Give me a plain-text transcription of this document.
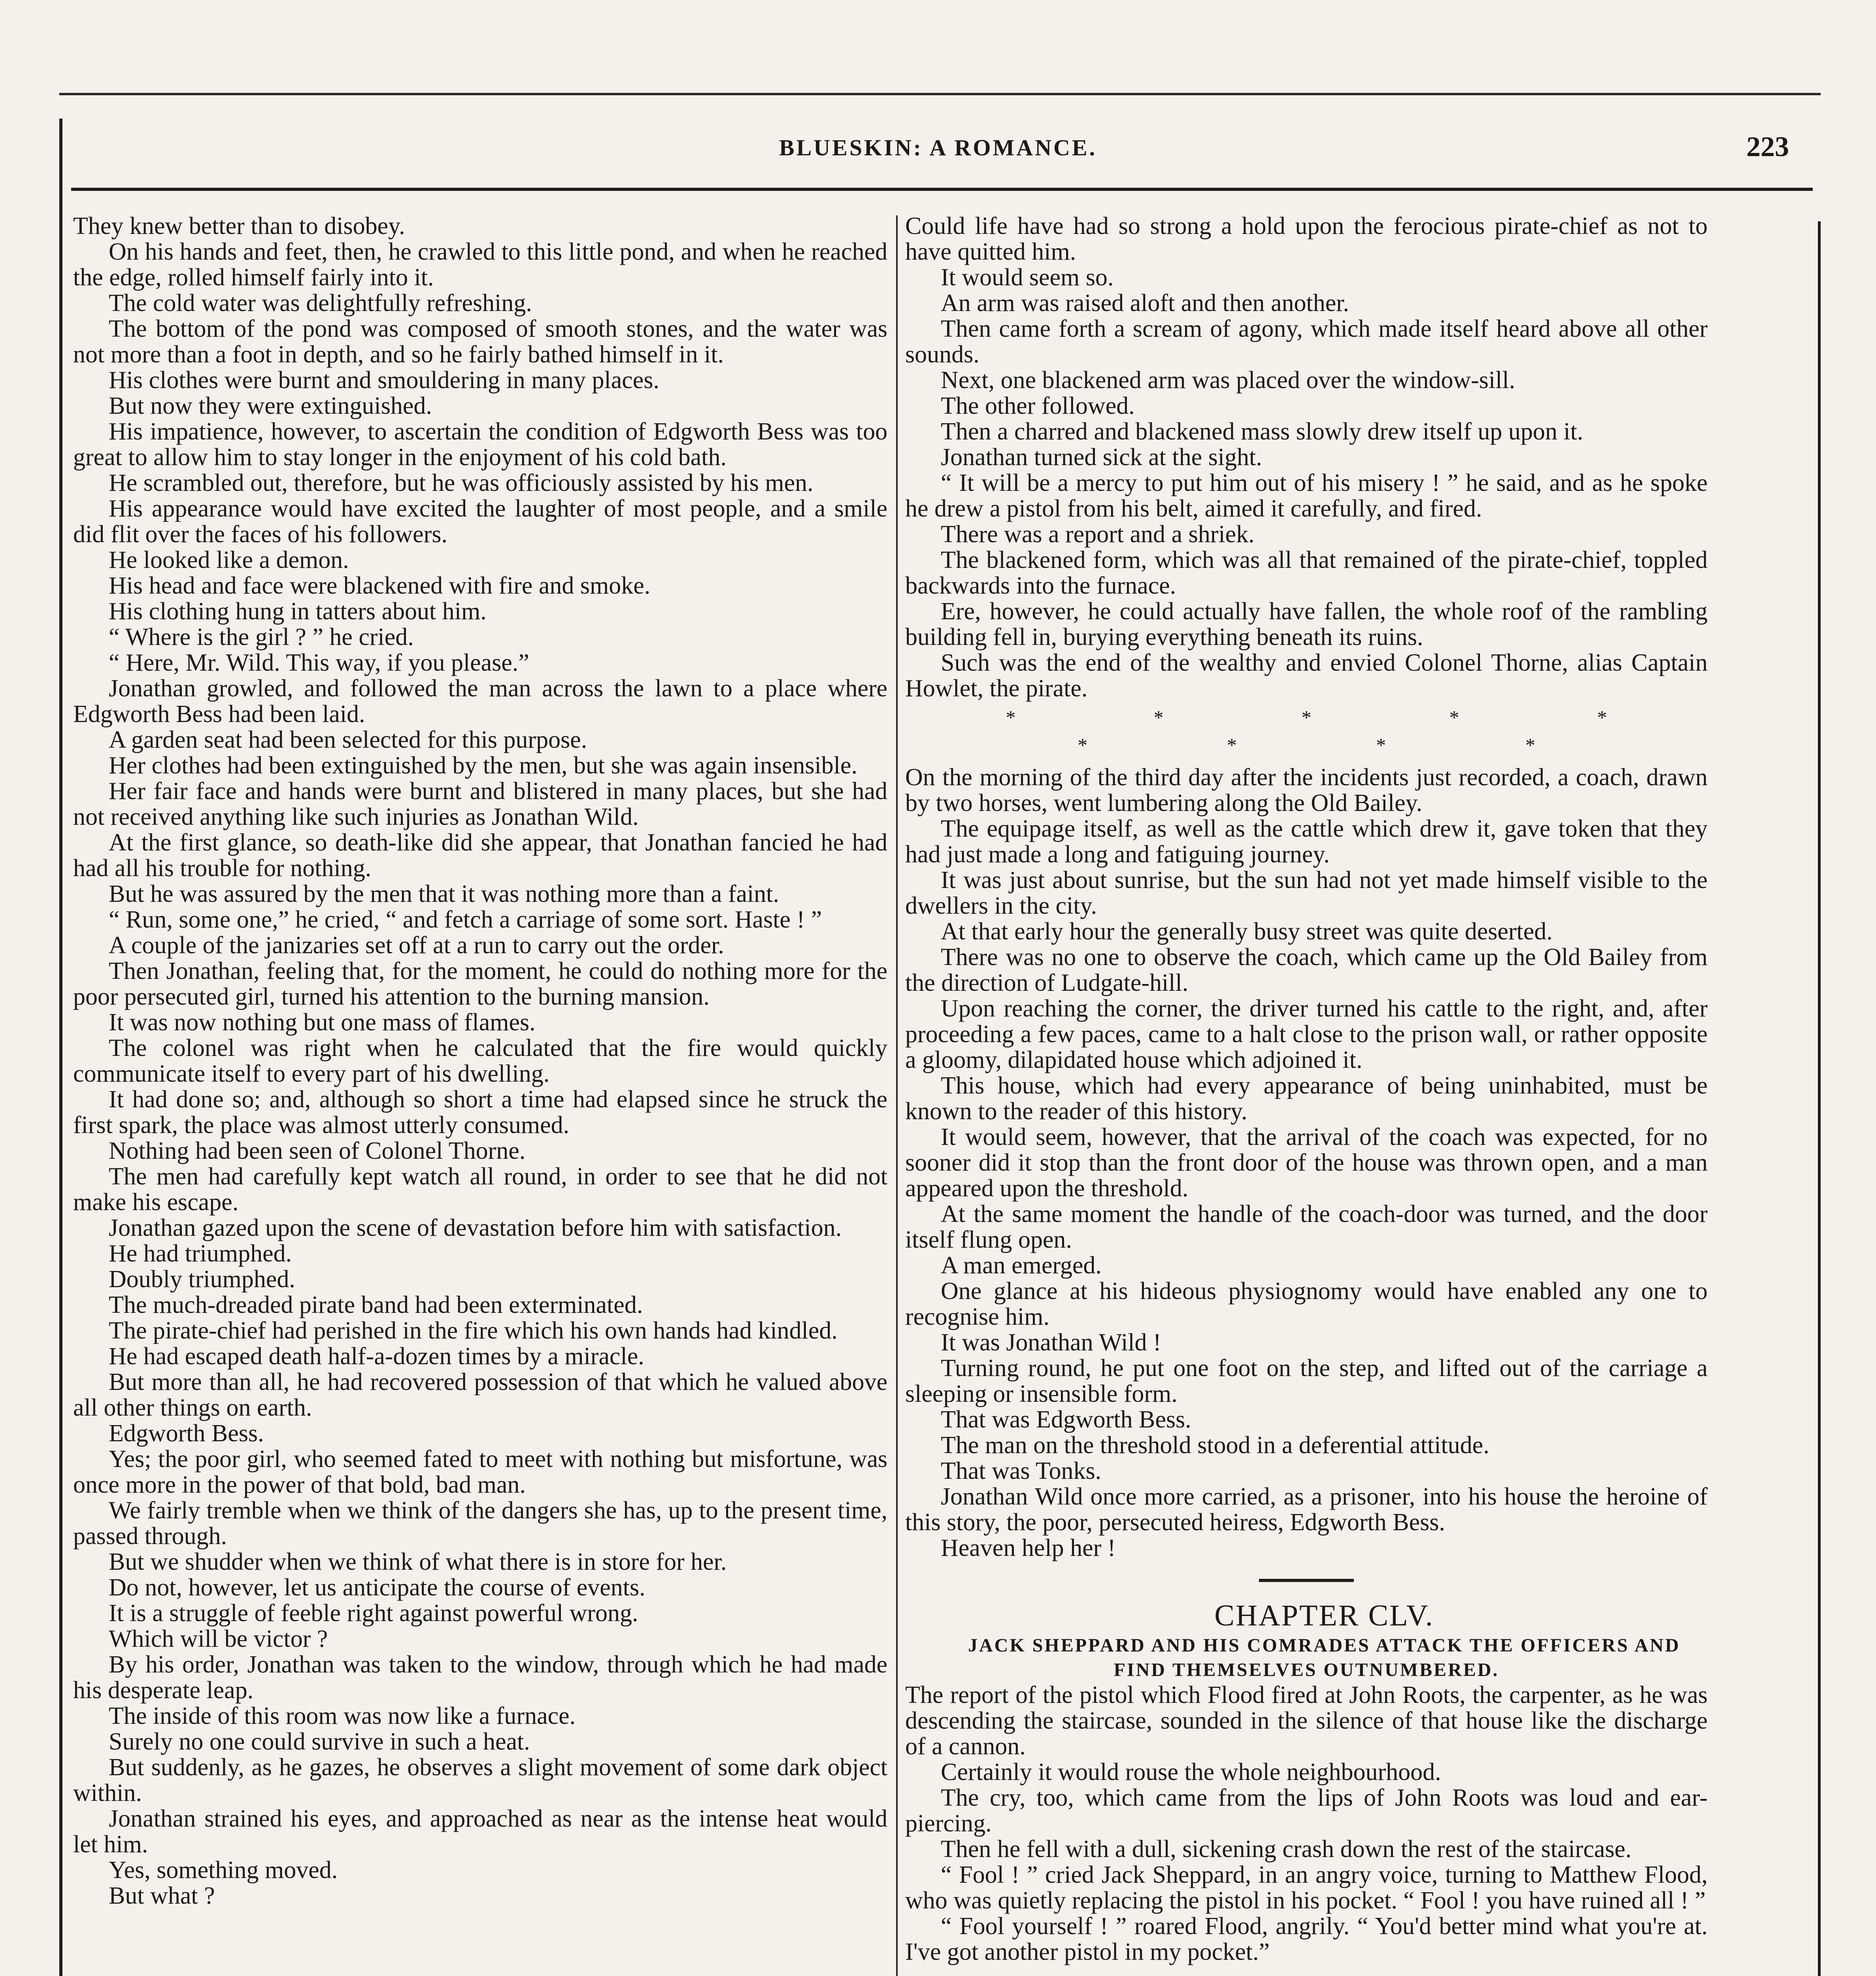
BLUESKIN: A ROMANCE.	223

They knew better than to disobey.

On his hands and feet, then, he crawled to this little pond, and when he reached the edge, rolled himself fairly into it.

The cold water was delightfully refreshing.

The bottom of the pond was composed of smooth stones, and the water was not more than a foot in depth, and so he fairly bathed himself in it.

His clothes were burnt and smouldering in many places.

But now they were extinguished.

His impatience, however, to ascertain the condition of Edgworth Bess was too great to allow him to stay longer in the enjoyment of his cold bath.

He scrambled out, therefore, but he was officiously assisted by his men.

His appearance would have excited the laughter of most people, and a smile did flit over the faces of his followers.

He looked like a demon.

His head and face were blackened with fire and smoke.

His clothing hung in tatters about him.

“ Where is the girl ? ” he cried.

“ Here, Mr. Wild. This way, if you please.”

Jonathan growled, and followed the man across the lawn to a place where Edgworth Bess had been laid.

A garden seat had been selected for this purpose.

Her clothes had been extinguished by the men, but she was again insensible.

Her fair face and hands were burnt and blistered in many places, but she had not received anything like such injuries as Jonathan Wild.

At the first glance, so death-like did she appear, that Jonathan fancied he had had all his trouble for nothing.

But he was assured by the men that it was nothing more than a faint.

“ Run, some one,” he cried, “ and fetch a carriage of some sort. Haste ! ”

A couple of the janizaries set off at a run to carry out the order.

Then Jonathan, feeling that, for the moment, he could do nothing more for the poor persecuted girl, turned his attention to the burning mansion.

It was now nothing but one mass of flames.

The colonel was right when he calculated that the fire would quickly communicate itself to every part of his dwelling.

It had done so; and, although so short a time had elapsed since he struck the first spark, the place was almost utterly consumed.

Nothing had been seen of Colonel Thorne.

The men had carefully kept watch all round, in order to see that he did not make his escape.

Jonathan gazed upon the scene of devastation before him with satisfaction.

He had triumphed.

Doubly triumphed.

The much-dreaded pirate band had been exterminated.

The pirate-chief had perished in the fire which his own hands had kindled.

He had escaped death half-a-dozen times by a miracle.

But more than all, he had recovered possession of that which he valued above all other things on earth.

Edgworth Bess.

Yes; the poor girl, who seemed fated to meet with nothing but misfortune, was once more in the power of that bold, bad man.

We fairly tremble when we think of the dangers she has, up to the present time, passed through.

But we shudder when we think of what there is in store for her.

Do not, however, let us anticipate the course of events.

It is a struggle of feeble right against powerful wrong.

Which will be victor ?

By his order, Jonathan was taken to the window, through which he had made his desperate leap.

The inside of this room was now like a furnace.

Surely no one could survive in such a heat.

But suddenly, as he gazes, he observes a slight movement of some dark object within.

Jonathan strained his eyes, and approached as near as the intense heat would let him.

Yes, something moved.

But what ?

Could life have had so strong a hold upon the ferocious pirate-chief as not to have quitted him.

It would seem so.

An arm was raised aloft and then another.

Then came forth a scream of agony, which made itself heard above all other sounds.

Next, one blackened arm was placed over the window-sill.

The other followed.

Then a charred and blackened mass slowly drew itself up upon it.

Jonathan turned sick at the sight.

“ It will be a mercy to put him out of his misery ! ” he said, and as he spoke he drew a pistol from his belt, aimed it carefully, and fired.

There was a report and a shriek.

The blackened form, which was all that remained of the pirate-chief, toppled backwards into the furnace.

Ere, however, he could actually have fallen, the whole roof of the rambling building fell in, burying everything beneath its ruins.

Such was the end of the wealthy and envied Colonel Thorne, alias Captain Howlet, the pirate.

*	*	*	*	*
*	*	*	*

On the morning of the third day after the incidents just recorded, a coach, drawn by two horses, went lumbering along the Old Bailey.

The equipage itself, as well as the cattle which drew it, gave token that they had just made a long and fatiguing journey.

It was just about sunrise, but the sun had not yet made himself visible to the dwellers in the city.

At that early hour the generally busy street was quite deserted.

There was no one to observe the coach, which came up the Old Bailey from the direction of Ludgate-hill.

Upon reaching the corner, the driver turned his cattle to the right, and, after proceeding a few paces, came to a halt close to the prison wall, or rather opposite a gloomy, dilapidated house which adjoined it.

This house, which had every appearance of being uninhabited, must be known to the reader of this history.

It would seem, however, that the arrival of the coach was expected, for no sooner did it stop than the front door of the house was thrown open, and a man appeared upon the threshold.

At the same moment the handle of the coach-door was turned, and the door itself flung open.

A man emerged.

One glance at his hideous physiognomy would have enabled any one to recognise him.

It was Jonathan Wild !

Turning round, he put one foot on the step, and lifted out of the carriage a sleeping or insensible form.

That was Edgworth Bess.

The man on the threshold stood in a deferential attitude.

That was Tonks.

Jonathan Wild once more carried, as a prisoner, into his house the heroine of this story, the poor, persecuted heiress, Edgworth Bess.

Heaven help her !

CHAPTER CLV.

JACK SHEPPARD AND HIS COMRADES ATTACK THE OFFICERS AND FIND THEMSELVES OUTNUMBERED.

The report of the pistol which Flood fired at John Roots, the carpenter, as he was descending the staircase, sounded in the silence of that house like the discharge of a cannon.

Certainly it would rouse the whole neighbourhood.

The cry, too, which came from the lips of John Roots was loud and ear-piercing.

Then he fell with a dull, sickening crash down the rest of the staircase.

“ Fool ! ” cried Jack Sheppard, in an angry voice, turning to Matthew Flood, who was quietly replacing the pistol in his pocket. “ Fool ! you have ruined all ! ”

“ Fool yourself ! ” roared Flood, angrily. “ You'd better mind what you're at. I've got another pistol in my pocket.”
